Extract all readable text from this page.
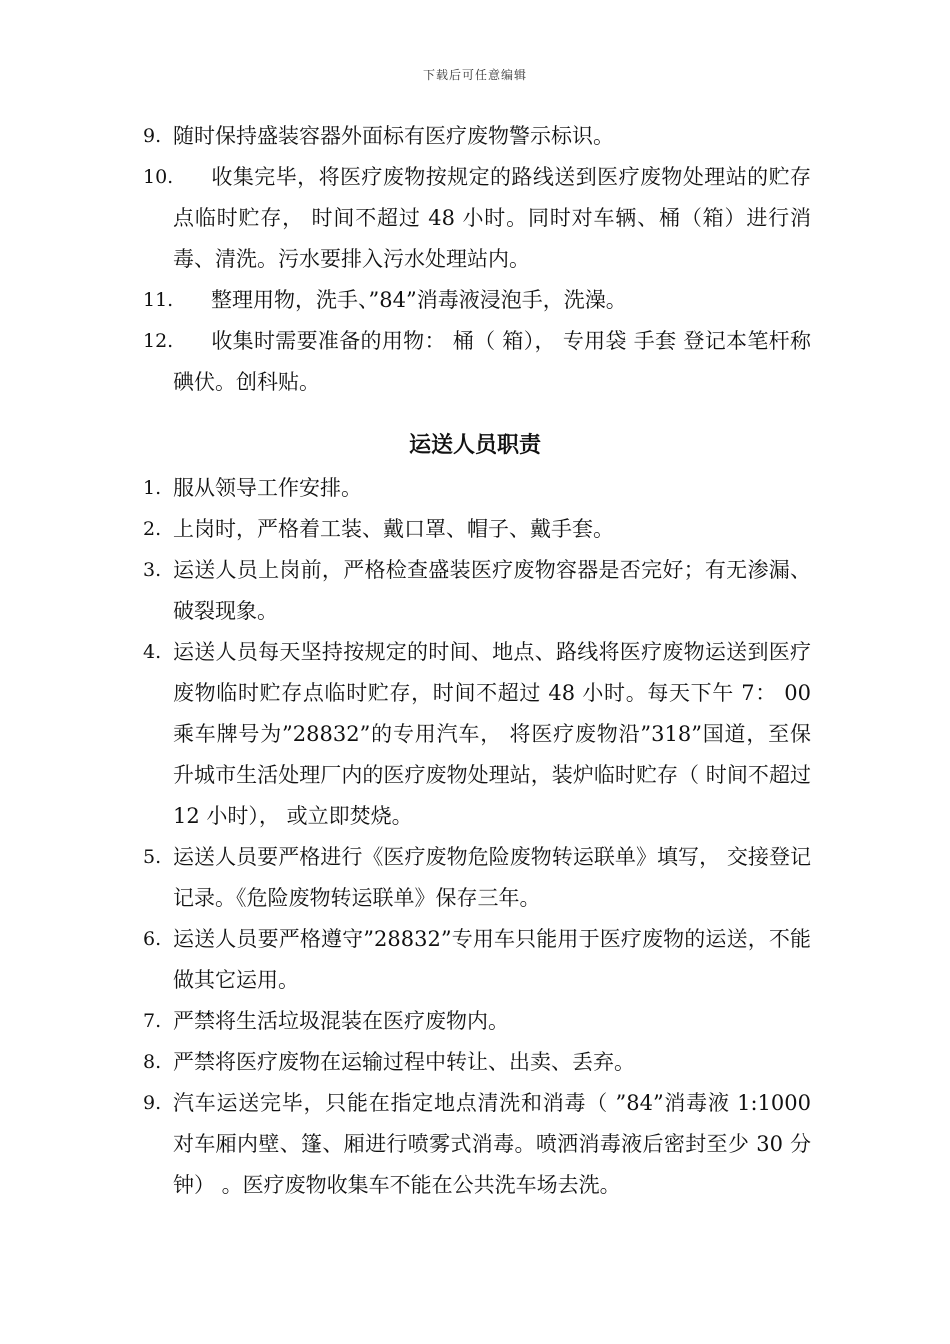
下载后可任意编辑
9. 随时保持盛装容器外面标有医疗废物警示标识。
10. 收集完毕，将医疗废物按规定的路线送到医疗废物处理站的贮存点临时贮存， 时间不超过 48 小时。同时对车辆、桶（箱）进行消毒、清洗。污水要排入污水处理站内。
11. 整理用物，洗手、”84”消毒液浸泡手，洗澡。
12. 收集时需要准备的用物： 桶（ 箱）， 专用袋 手套 登记本笔杆称碘伏。创科贴。
运送人员职责
1. 服从领导工作安排。
2. 上岗时，严格着工装、戴口罩、帽子、戴手套。
3. 运送人员上岗前，严格检查盛装医疗废物容器是否完好；有无渗漏、破裂现象。
4. 运送人员每天坚持按规定的时间、地点、路线将医疗废物运送到医疗废物临时贮存点临时贮存，时间不超过 48 小时。每天下午 7： 00 乘车牌号为”28832”的专用汽车， 将医疗废物沿”318”国道，至保升城市生活处理厂内的医疗废物处理站，装炉临时贮存（ 时间不超过 12 小时）， 或立即焚烧。
5. 运送人员要严格进行《医疗废物危险废物转运联单》填写， 交接登记记录。《危险废物转运联单》保存三年。
6. 运送人员要严格遵守”28832”专用车只能用于医疗废物的运送，不能做其它运用。
7. 严禁将生活垃圾混装在医疗废物内。
8. 严禁将医疗废物在运输过程中转让、出卖、丢弃。
9. 汽车运送完毕，只能在指定地点清洗和消毒（ ”84”消毒液 1:1000 对车厢内壁、篷、厢进行喷雾式消毒。喷洒消毒液后密封至少 30 分钟） 。医疗废物收集车不能在公共洗车场去洗。
